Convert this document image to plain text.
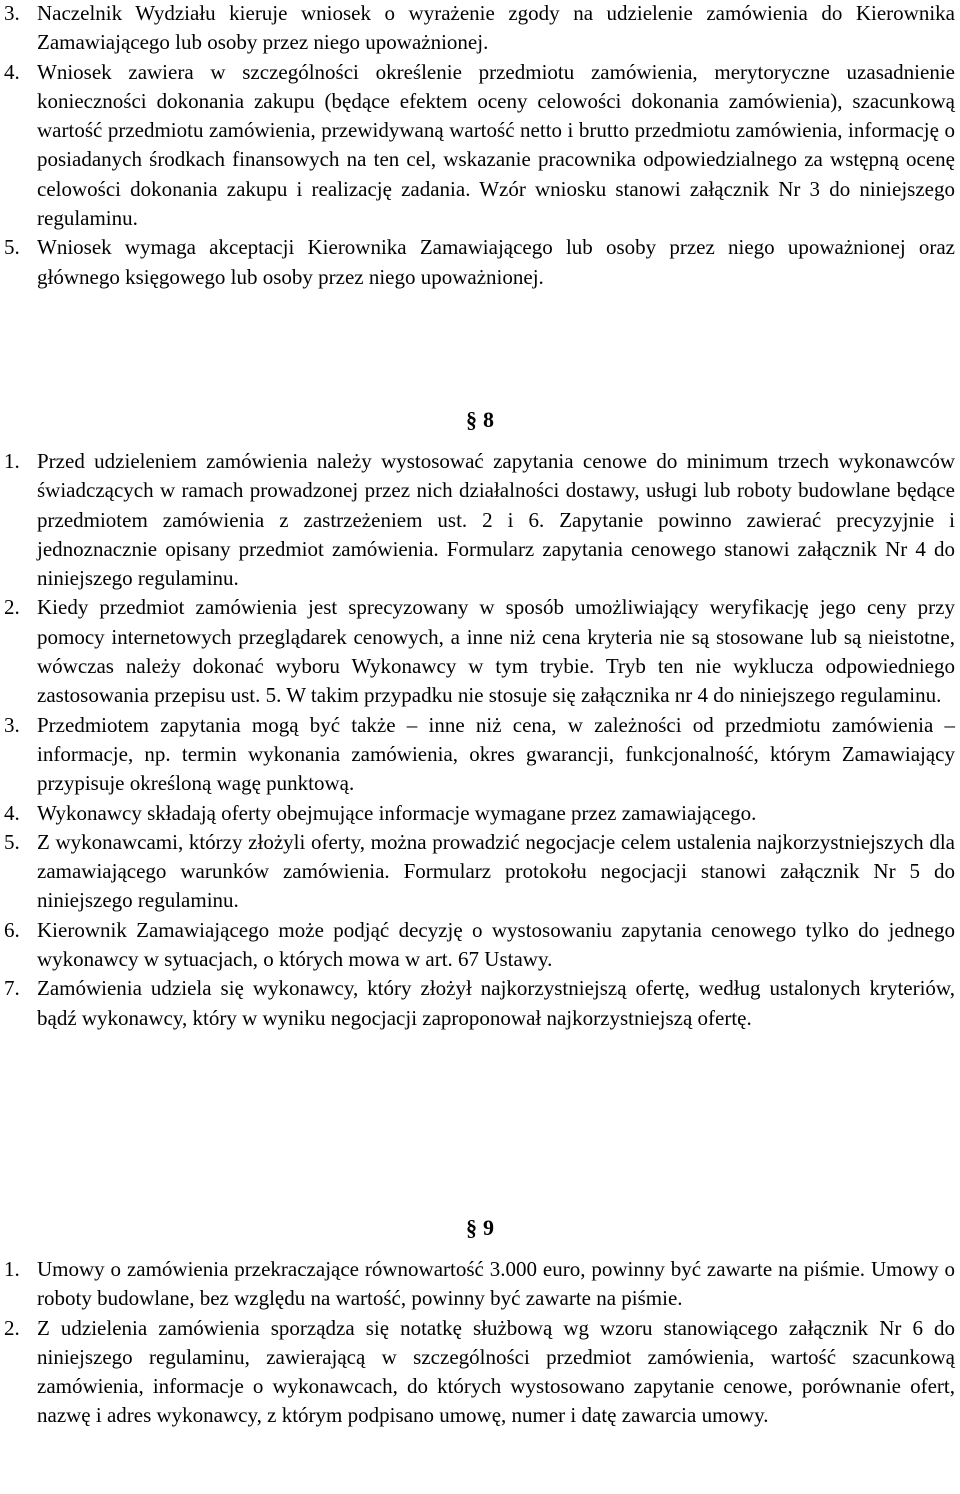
3. Naczelnik Wydziału kieruje wniosek o wyrażenie zgody na udzielenie zamówienia do Kierownika Zamawiającego lub osoby przez niego upoważnionej.
4. Wniosek zawiera w szczególności określenie przedmiotu zamówienia, merytoryczne uzasadnienie konieczności dokonania zakupu (będące efektem oceny celowości dokonania zamówienia), szacunkową wartość przedmiotu zamówienia, przewidywaną wartość netto i brutto przedmiotu zamówienia, informację o posiadanych środkach finansowych na ten cel, wskazanie pracownika odpowiedzialnego za wstępną ocenę celowości dokonania zakupu i realizację zadania. Wzór wniosku stanowi załącznik Nr 3 do niniejszego regulaminu.
5. Wniosek wymaga akceptacji Kierownika Zamawiającego lub osoby przez niego upoważnionej oraz głównego księgowego lub osoby przez niego upoważnionej.
§ 8
1. Przed udzieleniem zamówienia należy wystosować zapytania cenowe do minimum trzech wykonawców świadczących w ramach prowadzonej przez nich działalności dostawy, usługi lub roboty budowlane będące przedmiotem zamówienia z zastrzeżeniem ust. 2 i 6. Zapytanie powinno zawierać precyzyjnie i jednoznacznie opisany przedmiot zamówienia. Formularz zapytania cenowego stanowi załącznik Nr 4 do niniejszego regulaminu.
2. Kiedy przedmiot zamówienia jest sprecyzowany w sposób umożliwiający weryfikację jego ceny przy pomocy internetowych przeglądarek cenowych, a inne niż cena kryteria nie są stosowane lub są nieistotne, wówczas należy dokonać wyboru Wykonawcy w tym trybie. Tryb ten nie wyklucza odpowiedniego zastosowania przepisu ust. 5. W takim przypadku nie stosuje się załącznika nr 4 do niniejszego regulaminu.
3. Przedmiotem zapytania mogą być także – inne niż cena, w zależności od przedmiotu zamówienia – informacje, np. termin wykonania zamówienia, okres gwarancji, funkcjonalność, którym Zamawiający przypisuje określoną wagę punktową.
4. Wykonawcy składają oferty obejmujące informacje wymagane przez zamawiającego.
5. Z wykonawcami, którzy złożyli oferty, można prowadzić negocjacje celem ustalenia najkorzystniejszych dla zamawiającego warunków zamówienia. Formularz protokołu negocjacji stanowi załącznik Nr 5 do niniejszego regulaminu.
6. Kierownik Zamawiającego może podjąć decyzję o wystosowaniu zapytania cenowego tylko do jednego wykonawcy w sytuacjach, o których mowa w art. 67 Ustawy.
7. Zamówienia udziela się wykonawcy, który złożył najkorzystniejszą ofertę, według ustalonych kryteriów, bądź wykonawcy, który w wyniku negocjacji zaproponował najkorzystniejszą ofertę.
§ 9
1. Umowy o zamówienia przekraczające równowartość 3.000 euro, powinny być zawarte na piśmie. Umowy o roboty budowlane, bez względu na wartość, powinny być zawarte na piśmie.
2. Z udzielenia zamówienia sporządza się notatkę służbową wg wzoru stanowiącego załącznik Nr 6 do niniejszego regulaminu, zawierającą w szczególności przedmiot zamówienia, wartość szacunkową zamówienia, informacje o wykonawcach, do których wystosowano zapytanie cenowe, porównanie ofert, nazwę i adres wykonawcy, z którym podpisano umowę, numer i datę zawarcia umowy.
